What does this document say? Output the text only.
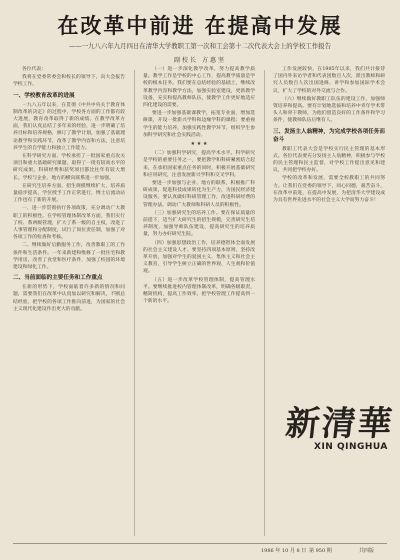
在改革中前进 在提高中发展
——一九八六年九月四日在清华大学教职工第一次和工会第十二次代表大会上的学校工作报告
副校长 方惠坚

各位代表：

我将在党委常委会和校长的领导下，向大会报告学校工作。

一、学校教育改革的进展

一九八五年以来，在贯彻《中共中央关于教育体制改革的决定》的过程中，学校各方面的工作都有较大进展，教育改革取得了新的成绩。在教学改革方面，我们认真总结了多年来的经验，进一步明确了培养目标和培养规格，修订了教学计划，加强了基础理论教学和实践环节，改革了教学内容和方法，注意培养学生的自学能力和独立工作能力。

在科学研究方面，学校承担了一批国家重点攻关项目和重大基础研究课题，取得了一批有较高水平的研究成果，科研经费和获奖项目都比往年有较大增长。学校与企业、地方的横向联系进一步加强。

在研究生培养方面，招生规模继续扩大，培养质量稳步提高，学位授予工作正常进行，博士后流动站工作也有了新的开展。

一、进一步贯彻执行各项政策，充分调动广大教职工的积极性。在学校管理体制改革方面，我们实行了校、系两级管理，扩大了系一级的自主权，改进了人事管理和分配制度，试行了岗位责任制，加强了对各项工作的检查和考核。

二、继续做好后勤服务工作，改善教职工的工作条件和生活条件。一年来新建和维修了一批住宅和教学用房，改善了食堂和医疗条件，加强了校园的环境建设和绿化工作。

二、当前面临的主要任务和工作重点

在新的形势下，学校面临着许多新的情况和问题，需要我们在改革中认真加以研究和解决，不断总结经验，把学校的各项工作推向前进，为国家的社会主义现代化建设作出更大的贡献。

（一）进一步深化教学改革，努力提高教学质量。教学工作是学校的中心工作，提高教学质量是学校的根本任务。我们要在总结经验的基础上，继续改革教学内容和教学方法，加强实验室建设，更新教学设备，充实和提高教师队伍，使教学工作更好地适应四化建设的需要。

要进一步加强基础课教学，拓宽专业面，增加选修课，开设一批新兴学科和边缘学科的课程；要重视学生的能力培养，加强实践性教学环节，组织学生参加科学研究和社会实践活动。

★ ★ ★

（二）加强科学研究，提高学术水平。科学研究是学校的重要任务之一，要把教学和科研紧密结合起来，在承担国家重点任务的同时，积极开展基础研究和应用研究，注意发展新兴学科和交叉学科。

要进一步加强与企业、地方的联系，积极推广科研成果，促进科技成果转化为生产力，为国民经济建设服务。要认真做好科研管理工作，改进科研经费的管理办法，调动广大教师和科研人员的积极性。

（三）加强研究生的培养工作。要在保证质量的前提下，适当扩大研究生的招生规模，完善研究生培养制度，加强导师队伍建设，提高研究生的培养质量，努力办好研究生院。

（四）加强思想政治工作，培养德智体全面发展的社会主义建设人才。要坚持四项基本原则，坚持改革开放，加强对学生的爱国主义、集体主义和社会主义教育，引导学生树立正确的世界观、人生观和价值观。

（五）进一步改革学校管理体制，提高管理水平。要继续推进校内管理体制改革，明确各级职责，精简机构，提高工作效率，把学校管理工作提高到一个新的水平。

工作发展较快，在1985年以来，我们共计接待了国内外来访学者和代表团数百人次，派出教师和研究人员数百人次出国进修、讲学和参加国际学术会议，扩大了学校的对外交流与合作。

（六）继续做好教职工队伍的建设工作，加强师资培养和提高。要有计划地选拔和培养中青年学术带头人和骨干教师，为他们创造良好的工作条件和学习条件，使教师队伍后继有人。

三、发扬主人翁精神，为完成学校各项任务而奋斗

教职工代表大会是学校实行民主管理的基本形式。各位代表要充分发扬主人翁精神，积极参与学校的民主管理和民主监督，对学校工作提出意见和建议，共同把学校办好。

学校的改革和发展，需要全校教职工的共同努力。让我们在党委的领导下，同心同德，艰苦奋斗，在改革中前进，在提高中发展，为把清华大学建设成为具有世界先进水平的社会主义大学而努力奋斗！

新清華
XIN QINGHUA
1986 年 10 月 8 日 第 950 期	共四版
